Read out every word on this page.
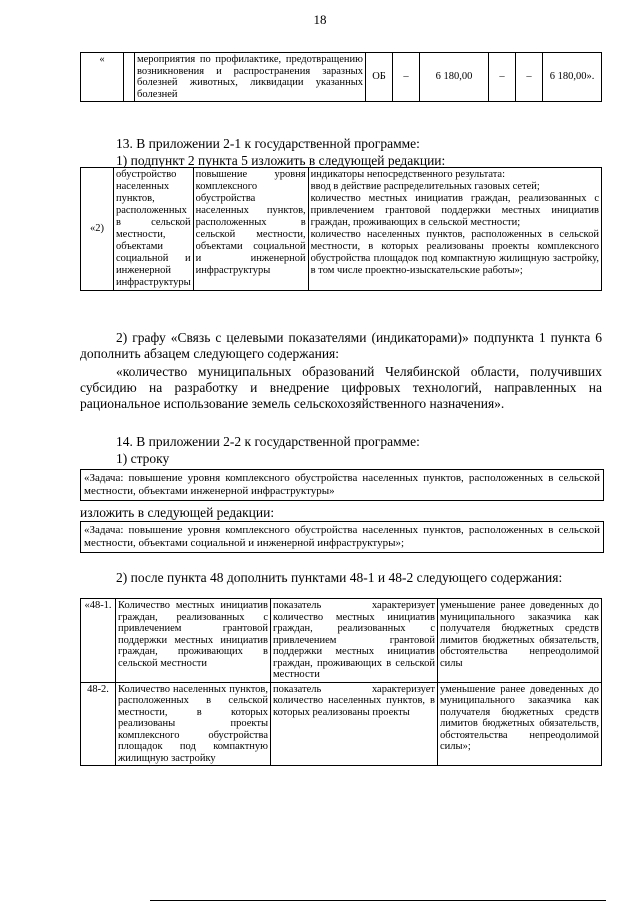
18
«		мероприятия по профилактике, предотвращению возникновения и распространения заразных болезней животных, ликвидации указанных болезней	ОБ	–	6 180,00	–	–	6 180,00».
13. В приложении 2-1 к государственной программе:
1) подпункт 2 пункта 5 изложить в следующей редакции:
«2)	обустройство населенных пунктов, расположенных в сельской местности, объектами социальной и инженерной инфраструктуры	повышение уровня комплексного обустройства населенных пунктов, расположенных в сельской местности, объектами социальной и инженерной инфраструктуры	
индикаторы непосредственного результата:
ввод в действие распределительных газовых сетей;
количество местных инициатив граждан, реализованных с привлечением грантовой поддержки местных инициатив граждан, проживающих в сельской местности;
количество населенных пунктов, расположенных в сельской местности, в которых реализованы проекты комплексного обустройства площадок под компактную жилищную застройку, в том числе проектно-изыскательские работы»;
2) графу «Связь с целевыми показателями (индикаторами)» подпункта 1 пункта 6 дополнить абзацем следующего содержания:
«количество муниципальных образований Челябинской области, получивших субсидию на разработку и внедрение цифровых технологий, направленных на рациональное использование земель сельскохозяйственного назначения».
14. В приложении 2-2 к государственной программе:
1) строку
«Задача: повышение уровня комплексного обустройства населенных пунктов, расположенных в сельской местности, объектами инженерной инфраструктуры»
изложить в следующей редакции:
«Задача: повышение уровня комплексного обустройства населенных пунктов, расположенных в сельской местности, объектами социальной и инженерной инфраструктуры»;
2) после пункта 48 дополнить пунктами 48-1 и 48-2 следующего содержания:
«48-1.	Количество местных инициатив граждан, реализованных с привлечением грантовой поддержки местных инициатив граждан, проживающих в сельской местности	показатель характеризует количество местных инициатив граждан, реализованных с привлечением грантовой поддержки местных инициатив граждан, проживающих в сельской местности	уменьшение ранее доведенных до муниципального заказчика как получателя бюджетных средств лимитов бюджетных обязательств, обстоятельства непреодолимой силы
48-2.	Количество населенных пунктов, расположенных в сельской местности, в которых реализованы проекты комплексного обустройства площадок под компактную жилищную застройку	показатель характеризует количество населенных пунктов, в которых реализованы проекты	уменьшение ранее доведенных до муниципального заказчика как получателя бюджетных средств лимитов бюджетных обязательств, обстоятельства непреодолимой силы»;
